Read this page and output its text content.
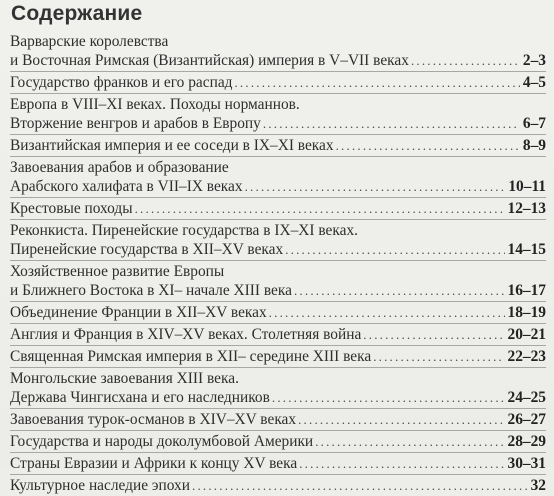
Содержание
Варварские королевства
и Восточная Римская (Византийская) империя в V–VII веках .....	2–3
Государство франков и его распад .....	4–5
Европа в VIII–XI веках. Походы норманнов.
Вторжение венгров и арабов в Европу .....	6–7
Византийская империя и ее соседи в IX–XI веках .....	8–9
Завоевания арабов и образование
Арабского халифата в VII–IX веках .....	10–11
Крестовые походы .....	12–13
Реконкиста. Пиренейские государства в IX–XI веках.
Пиренейские государства в XII–XV веках .....	14–15
Хозяйственное развитие Европы
и Ближнего Востока в XI– начале XIII века .....	16–17
Объединение Франции в XII–XV веках .....	18–19
Англия и Франция в XIV–XV веках. Столетняя война .....	20–21
Священная Римская империя в XII– середине XIII века .....	22–23
Монгольские завоевания XIII века.
Держава Чингисхана и его наследников .....	24–25
Завоевания турок-османов в XIV–XV веках .....	26–27
Государства и народы доколумбовой Америки .....	28–29
Страны Евразии и Африки к концу XV века .....	30–31
Культурное наследие эпохи .....	32
